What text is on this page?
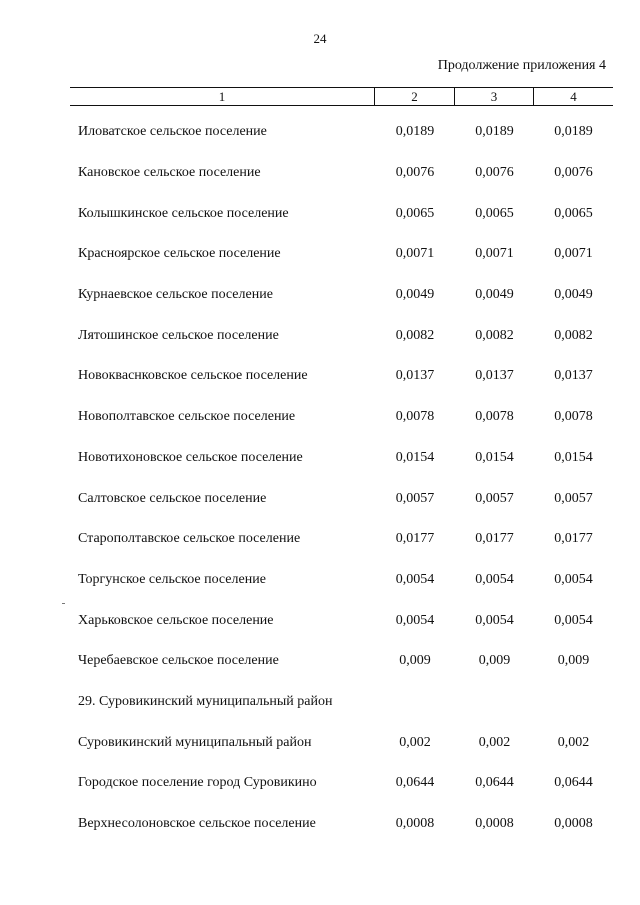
24
Продолжение приложения 4
1	2	3	4
Иловатское сельское поселение	0,0189	0,0189	0,0189
Кановское сельское поселение	0,0076	0,0076	0,0076
Колышкинское сельское поселение	0,0065	0,0065	0,0065
Красноярское сельское поселение	0,0071	0,0071	0,0071
Курнаевское сельское поселение	0,0049	0,0049	0,0049
Лятошинское сельское поселение	0,0082	0,0082	0,0082
Новокваснковское сельское поселение	0,0137	0,0137	0,0137
Новополтавское сельское поселение	0,0078	0,0078	0,0078
Новотихоновское сельское поселение	0,0154	0,0154	0,0154
Салтовское сельское поселение	0,0057	0,0057	0,0057
Старополтавское сельское поселение	0,0177	0,0177	0,0177
Торгунское сельское поселение	0,0054	0,0054	0,0054
Харьковское сельское поселение	0,0054	0,0054	0,0054
Черебаевское сельское поселение	0,009	0,009	0,009
29. Суровикинский муниципальный район
Суровикинский муниципальный район	0,002	0,002	0,002
Городское поселение город Суровикино	0,0644	0,0644	0,0644
Верхнесолоновское сельское поселение	0,0008	0,0008	0,0008
